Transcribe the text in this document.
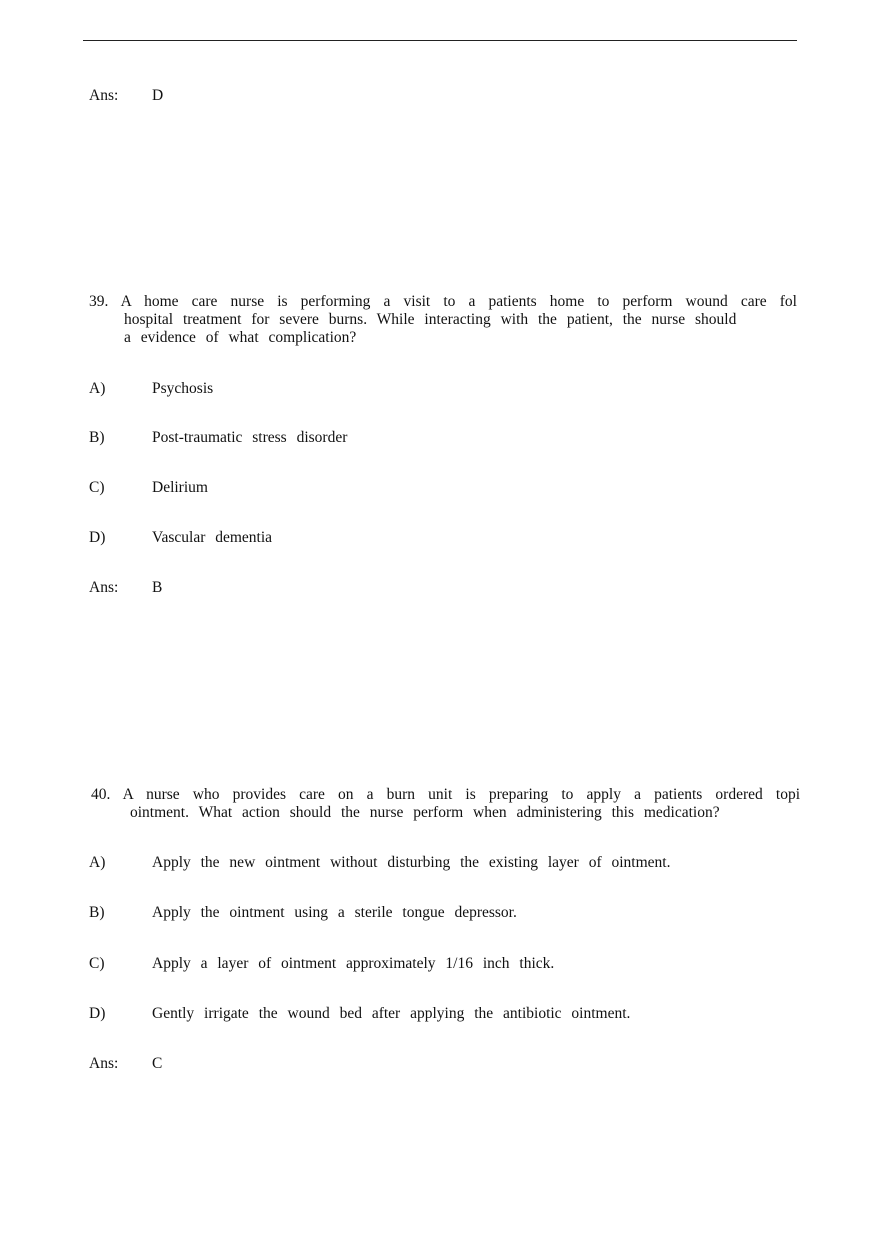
Ans: D
39. A home care nurse is performing a visit to a patients home to perform wound care fol
hospital treatment for severe burns. While interacting with the patient, the nurse should
a evidence of what complication?
A)	Psychosis
B)	Post-traumatic stress disorder
C)	Delirium
D)	Vascular dementia
Ans: B
40. A nurse who provides care on a burn unit is preparing to apply a patients ordered topi
ointment. What action should the nurse perform when administering this medication?
A)	Apply the new ointment without disturbing the existing layer of ointment.
B)	Apply the ointment using a sterile tongue depressor.
C)	Apply a layer of ointment approximately 1/16 inch thick.
D)	Gently irrigate the wound bed after applying the antibiotic ointment.
Ans: C
